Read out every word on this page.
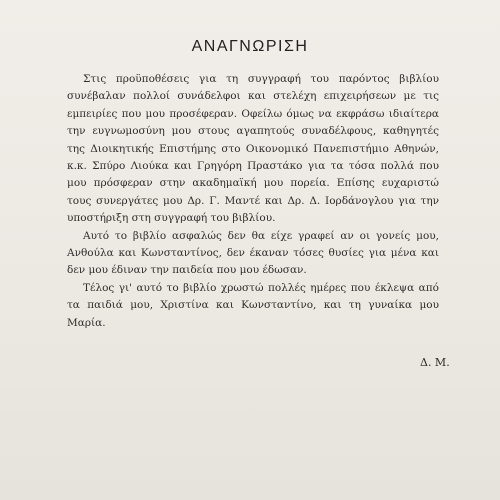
ΑΝΑΓΝΩΡΙΣΗ

Στις προϋποθέσεις για τη συγγραφή του παρόντος βιβλίου συνέβαλαν πολλοί συνάδελφοι και στελέχη επιχειρήσεων με τις εμπειρίες που μου προσέφεραν. Οφείλω όμως να εκφράσω ιδιαίτερα την ευγνωμοσύνη μου στους αγαπητούς συναδέλφους, καθηγητές της Διοικητικής Επιστήμης στο Οικονομικό Πανεπιστήμιο Αθηνών, κ.κ. Σπύρο Λιούκα και Γρηγόρη Πραστάκο για τα τόσα πολλά που μου πρόσφεραν στην ακαδημαϊκή μου πορεία. Επίσης ευχαριστώ τους συνεργάτες μου Δρ. Γ. Μαντέ και Δρ. Δ. Ιορδάνογλου για την υποστήριξη στη συγγραφή του βιβλίου.

Αυτό το βιβλίο ασφαλώς δεν θα είχε γραφεί αν οι γονείς μου, Ανθούλα και Κωνσταντίνος, δεν έκαναν τόσες θυσίες για μένα και δεν μου έδιναν την παιδεία που μου έδωσαν.

Τέλος γι' αυτό το βιβλίο χρωστώ πολλές ημέρες που έκλεψα από τα παιδιά μου, Χριστίνα και Κωνσταντίνο, και τη γυναίκα μου Μαρία.

Δ. Μ.
